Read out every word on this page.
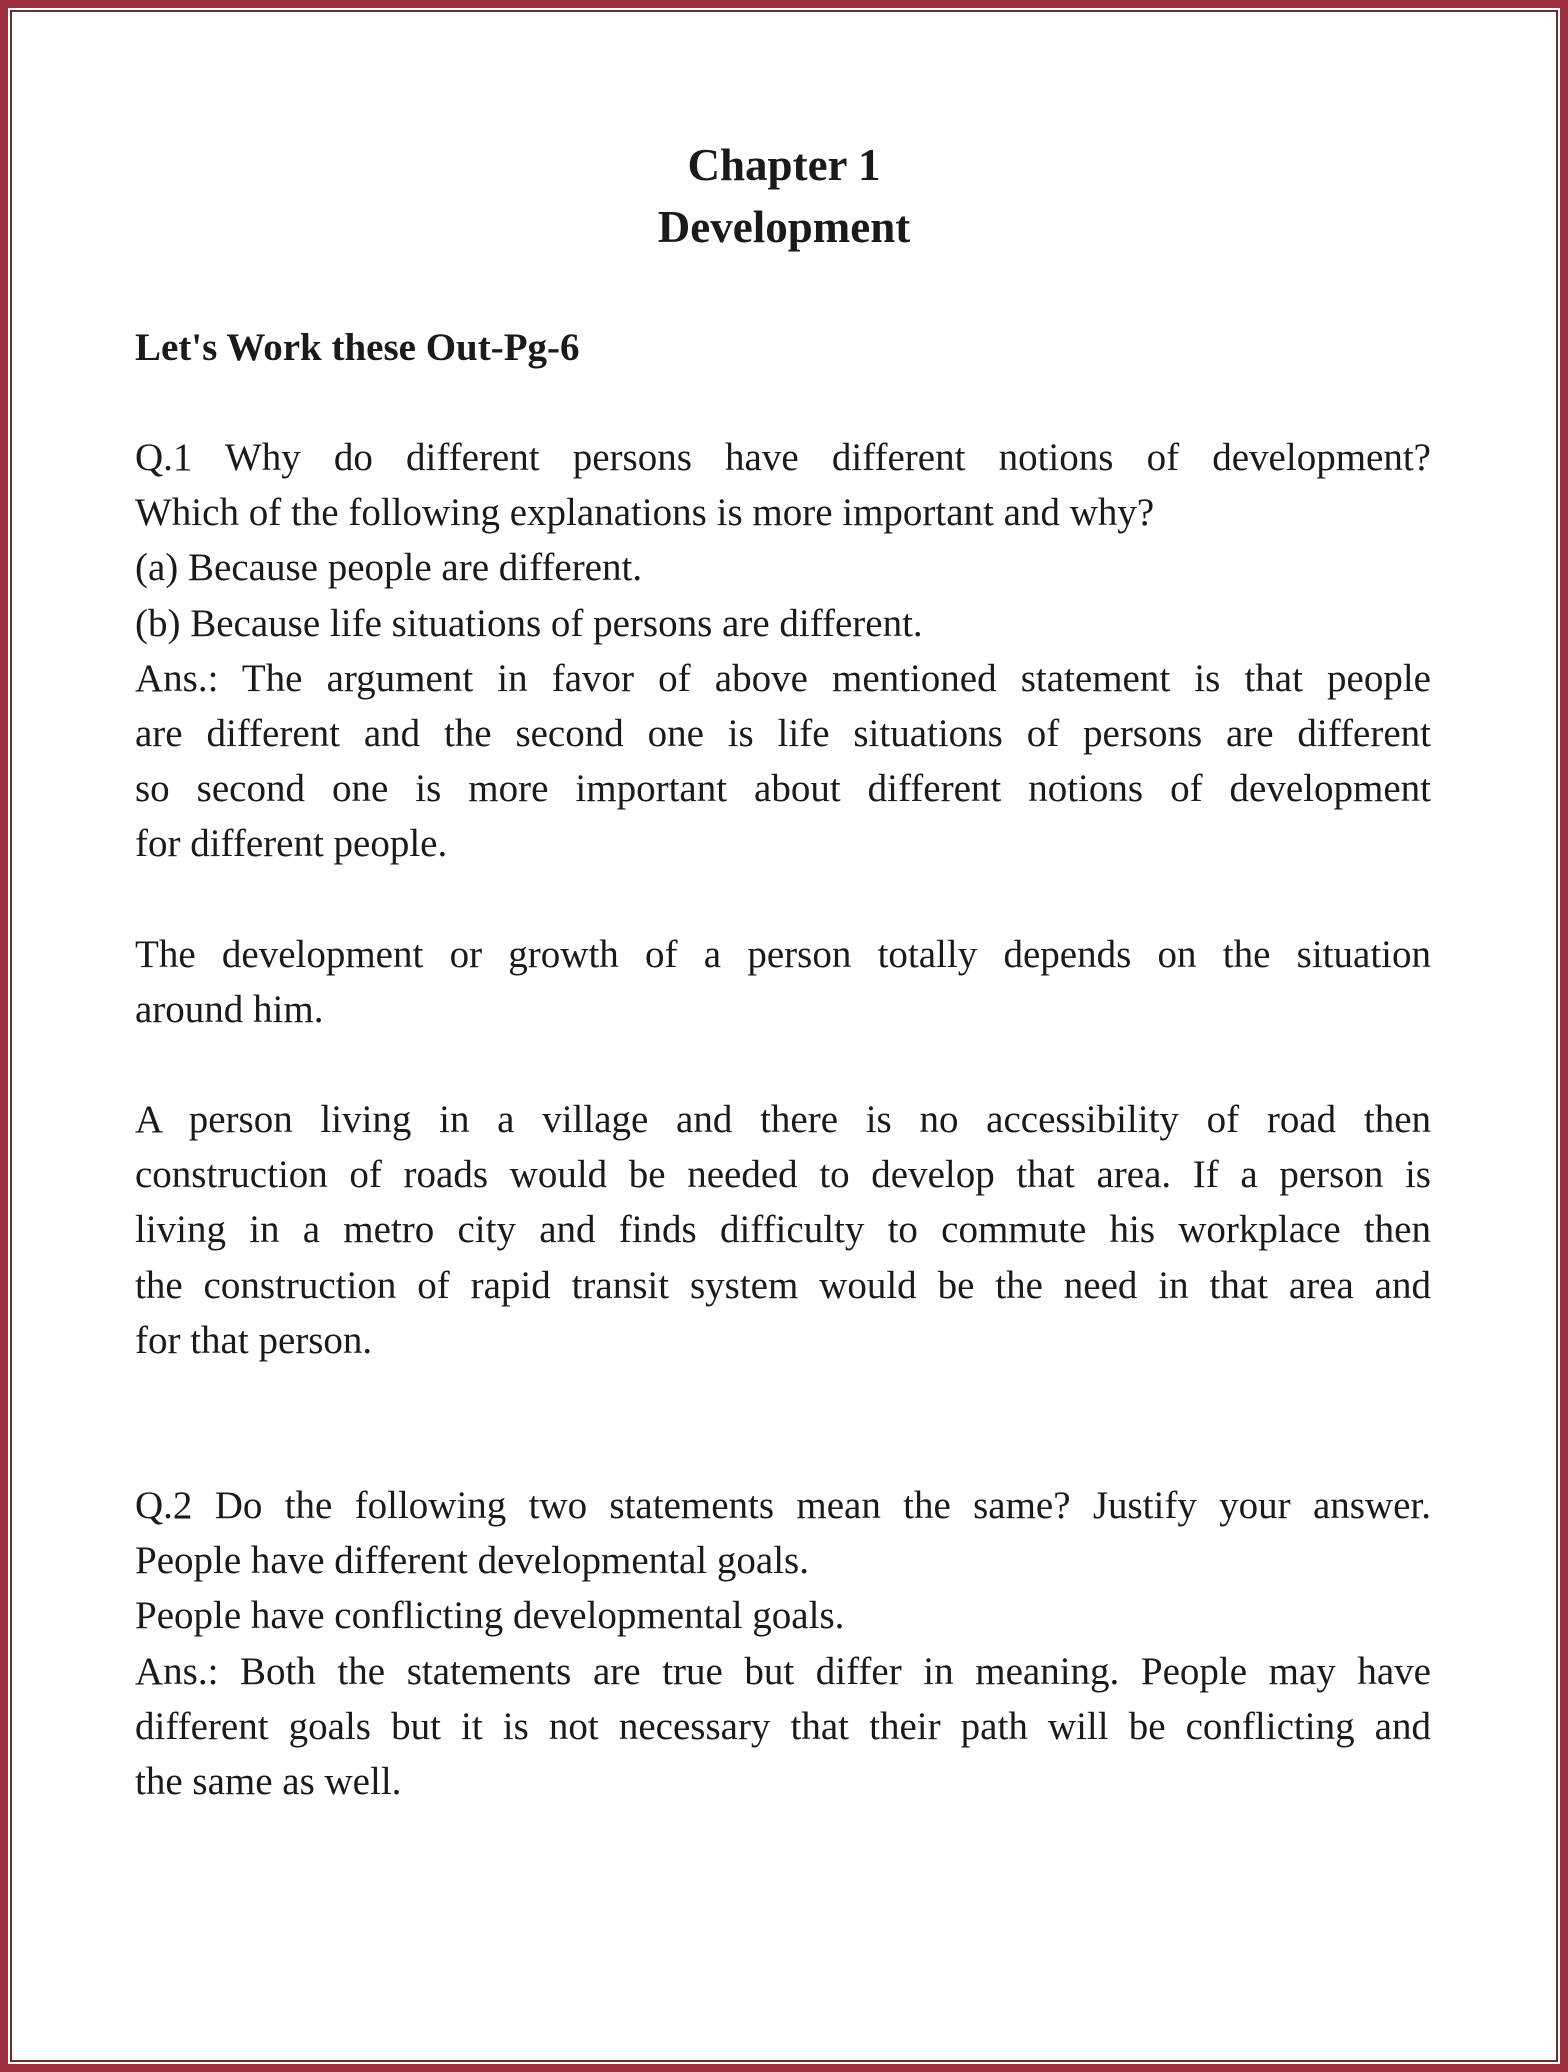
Chapter 1
Development
Let's Work these Out-Pg-6
Q.1 Why do different persons have different notions of development?
Which of the following explanations is more important and why?
(a) Because people are different.
(b) Because life situations of persons are different.
Ans.: The argument in favor of above mentioned statement is that people
are different and the second one is life situations of persons are different
so second one is more important about different notions of development
for different people.
The development or growth of a person totally depends on the situation
around him.
A person living in a village and there is no accessibility of road then
construction of roads would be needed to develop that area. If a person is
living in a metro city and finds difficulty to commute his workplace then
the construction of rapid transit system would be the need in that area and
for that person.
Q.2 Do the following two statements mean the same? Justify your answer.
People have different developmental goals.
People have conflicting developmental goals.
Ans.: Both the statements are true but differ in meaning. People may have
different goals but it is not necessary that their path will be conflicting and
the same as well.
